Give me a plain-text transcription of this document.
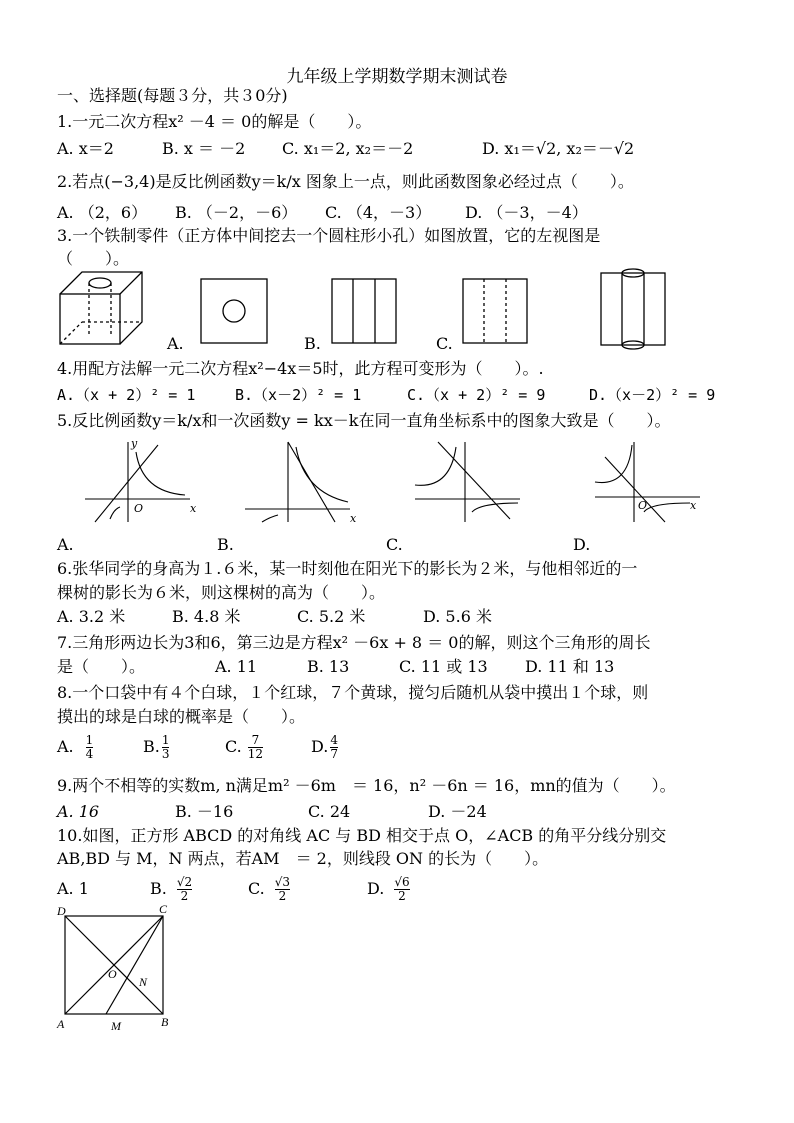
九年级上学期数学期末测试卷
一、选择题(每题３分，共３0分)
1.一元二次方程x² －4 ＝ 0的解是（　　）。
A. x＝2	B. x ＝ －2 C. x₁＝2, x₂＝－2	D. x₁＝√2, x₂＝－√2
2.若点(−3,4)是反比例函数y＝k/x 图象上一点，则此函数图象必经过点（　　）。
A. （2，6） B. （－2，－6） C. （4，－3） D. （－3，－4）
3.一个铁制零件（正方体中间挖去一个圆柱形小孔）如图放置，它的左视图是
（　　）。
A.	B.	C.
4.用配方法解一元二次方程x²−4x＝5时，此方程可变形为（　　）。.
A.（x + 2）² = 1	B.（x－2）² = 1	C.（x + 2）² = 9	D.（x－2）² = 9
5.反比例函数y＝k/x和一次函数y = kx－k在同一直角坐标系中的图象大致是（　　）。
y
x
O
x
O	x
A.	B.	C.	D.
6.张华同学的身高为１.６米，某一时刻他在阳光下的影长为２米，与他相邻近的一
棵树的影长为６米，则这棵树的高为（　　）。
A. 3.2 米	B. 4.8 米	C. 5.2 米	D. 5.6 米
7.三角形两边长为3和6，第三边是方程x² －6x + 8 ＝ 0的解，则这个三角形的周长
是（　　）。	A. 11	B. 13	C. 11 或 13 D. 11 和 13
8.一个口袋中有４个白球，１个红球，７个黄球，搅匀后随机从袋中摸出１个球，则
摸出的球是白球的概率是（　　）。
A. $\frac{1}{4}$	B. $\frac{1}{3}$	C. $\frac{7}{12}$	D. $\frac{4}{7}$
9.两个不相等的实数m, n满足m² －6m　＝ 16，n² －6n ＝ 16，mn的值为（　　）。
A. 16	B. －16	C. 24	D. －24
10.如图，正方形 ABCD 的对角线 AC 与 BD 相交于点 O，∠ACB 的角平分线分别交
AB,BD 与 M，N 两点，若AM　＝ 2，则线段 ON 的长为（　　）。
A. 1	B. $\frac{√2}{2}$	C. $\frac{√3}{2}$	D. $\frac{√6}{2}$
D	C
O
N
A	M	B
